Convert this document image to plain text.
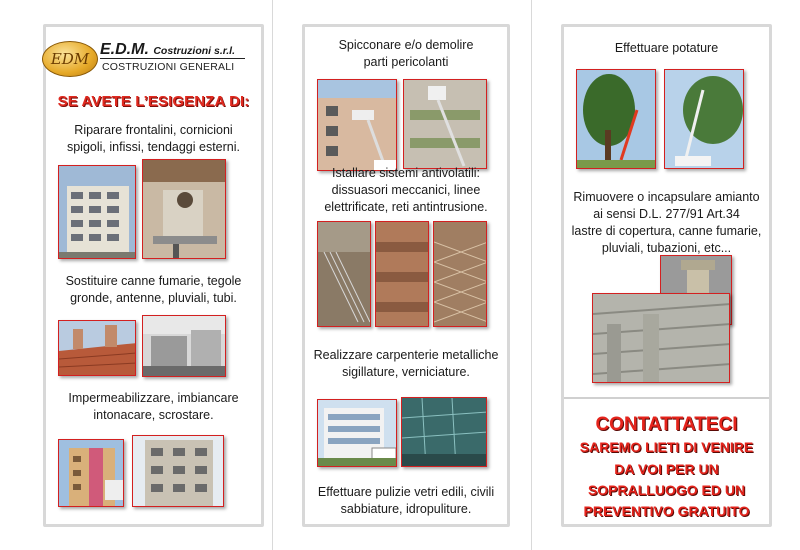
EDM
E.D.M. Costruzioni s.r.l.
COSTRUZIONI GENERALI
SE AVETE L’ESIGENZA DI:
Riparare frontalini, cornicioni
spigoli, infissi, tendaggi esterni.
Sostituire canne fumarie, tegole
gronde, antenne, pluviali, tubi.
Impermeabilizzare, imbiancare
intonacare, scrostare.
Spicconare e/o demolire
parti pericolanti
Istallare sistemi antivolatili:
dissuasori meccanici, linee
elettrificate, reti antintrusione.
Realizzare carpenterie metalliche
sigillature, verniciature.
Effettuare pulizie vetri edili, civili
sabbiature, idropuliture.
Effettuare potature
Rimuovere o incapsulare amianto
ai sensi D.L. 277/91 Art.34
lastre di copertura, canne fumarie,
pluviali, tubazioni, etc...
CONTATTATECI
SAREMO LIETI DI VENIRE
DA VOI PER UN
SOPRALLUOGO ED UN
PREVENTIVO GRATUITO
